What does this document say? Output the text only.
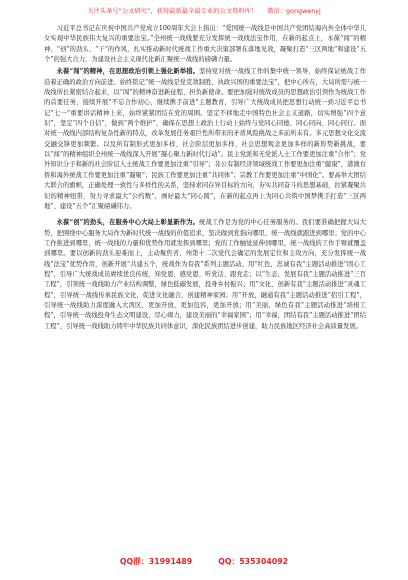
关注头条号“公文研究”，获得最新最全最专业的公文资料库！ 微信：gongwenyj

习近平总书记在庆祝中国共产党成立100周年大会上指出：“爱国统一战线是中国共产党团结海内外全体中华儿女实现中华民族伟大复兴的重要法宝。”全州统一战线要充分发挥统一战线法宝作用，在新的起点上，永葆“闯”的精神、“创”的劲头、“干”的作风，扎实推动新时代统战工作重大决策部署在落地见效，凝聚打造“三区两地”和建设“五个”的强大合力，为建设社会主义现代化新汇聚统一战线的磅礴力量。

永葆“闯”的精神，在思想政治引领上强化新举措。坚持党对统一战线工作的集中统一领导，始终保证统战工作沿着正确的政治方向前进。始终铭记“统一战线是党克敌制胜、执政兴国的重要法宝”，把中心所在，大局所需与统一战线所长紧密结合起来，以“闯”的精神奋进新征程、担负新使命。要把加强对统战成员的思想政治引领作为统战工作的首要任务，接续开展“不忘合作初心，继续携手前进”主题教育，引导广大统战成员把思想行动统一到习近平总书记“七一”重要讲话精神上来，始终紧紧团结在党的周围。坚定不移地走中国特色社会主义道路，切实增强“四个意识”，坚定“四个自信”，做到“两个维护”，确保在思想上政治上行动上始终与党同心同德、同心同向、同心同行。面对统一战线内部结构复杂性新的特点，改革发展任务艰巨性所带来的矛盾风险挑战之多前所未有。多元思想文化交流交融交锋更加频繁。以及所有制形式更加多样、社会阶层更加多样、社会思想观念更加多样的新形势新挑战，要以“闯”的精神组织全州统一战线深入开展“凝心聚力新时代行动”。民主党派和无党派人士工作要更加注重“合作”；党外知识分子和新的社会阶层人士统战工作要更加注重“引导”；非公有制经济领域统战工作要更加注重“健康”，港澳台侨和海外统战工作要更加注重“凝聚”；民族工作要更加注重“共同体”；宗教工作要更加注重“中国化”。要高举大团结大联合的旗帜，正确处理一致性与多样性的关系，坚持求同存异目标的方向，夯实共同奋斗的思想基础，拉紧凝聚共识的精神纽带，努力寻求最大“公约数”，画好最大“同心圆”，在新的起点再上为同心共筑中国梦携手打造“三区两地”、建设“五个”汇聚磅礴伟力。

永葆“创”的劲头，在服务中心大局上彰显新作为。统战工作是为党的中心任务服务的。我们要准确把握大局大势，把围绕中心服务大局作为新时代统一战线的价值追求，坚决做到党指向哪里，统一战线就跟进到哪里；党的中心工作推进到哪里，统一战线的力量和优势作用就发挥到哪里；党的工作触觉延伸到哪里，统一战线的工作手臂就覆盖到哪里。要以创新的劲头迎难而上，主动聚焦省、州第十二次党代会确定的发展定位和主攻方向，充分发挥统一战线“法宝”优势作用，创新开展“共建五个，统战作为有我”系列主题活动。用“红色，忠诚有我”主题活动推进“固心工程”，引导广大统战成员赓续优良传统，知党恩、感党恩、听党话、跟党走；以“生态，发展有我”主题活动推进“三百工程”，引领统一战线助力产业结构调整，绿色低碳发展，投身乡村振兴；用“文化，创新有我”主题活动推进“灵魂工程”，引导统一战线传承民族文化，促进文化融合，创建精神家园；用“开放，融通有我”主题活动推进“招引工程”，引导统一战线助力深度融入大湾区，更加开放，更加包容，更加开放；用“美丽，绿色有我”主题活动推进“培根工程”，引导统一战线投身生态文明建设，尽心竭力，建设美丽的“幸福家园”；用“幸福，团结有我”主题活动推进“团结工程”，引导统一战线助力铸牢中华民族共同体意识，深化民族团结进步创建，助力民族地区经济社会高质量发展。

QQ群：31991489	QQ：535304092
